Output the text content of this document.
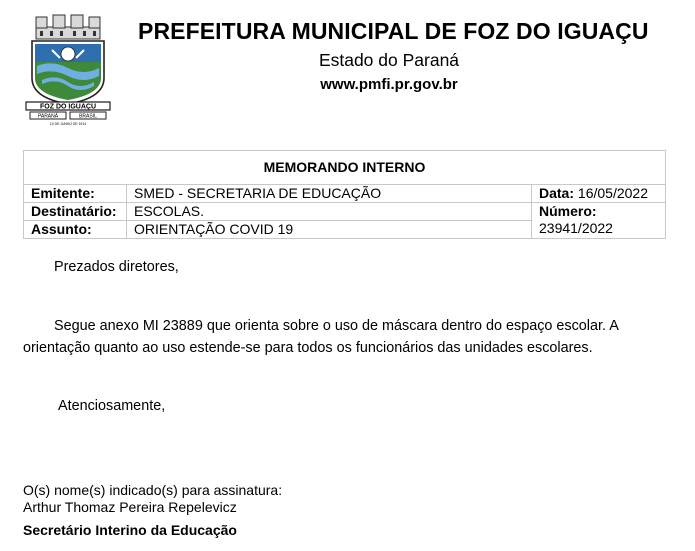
FOZ DO IGUAÇU
PARANÁ	BRASIL
10 DE JUNHO DE 1914
PREFEITURA MUNICIPAL DE FOZ DO IGUAÇU
Estado do Paraná
www.pmfi.pr.gov.br
MEMORANDO INTERNO		
Emitente:	SMED - SECRETARIA DE EDUCAÇÃO	Data: 16/05/2022
Destinatário:	ESCOLAS.	Número:
23941/2022
Assunto:	ORIENTAÇÃO COVID 19	
Prezados diretores,
Segue anexo MI 23889 que orienta sobre o uso de máscara dentro do espaço escolar. A orientação quanto ao uso estende-se para todos os funcionários das unidades escolares.
Atenciosamente,
O(s) nome(s) indicado(s) para assinatura:
Arthur Thomaz Pereira Repelevicz
Secretário Interino da Educação
